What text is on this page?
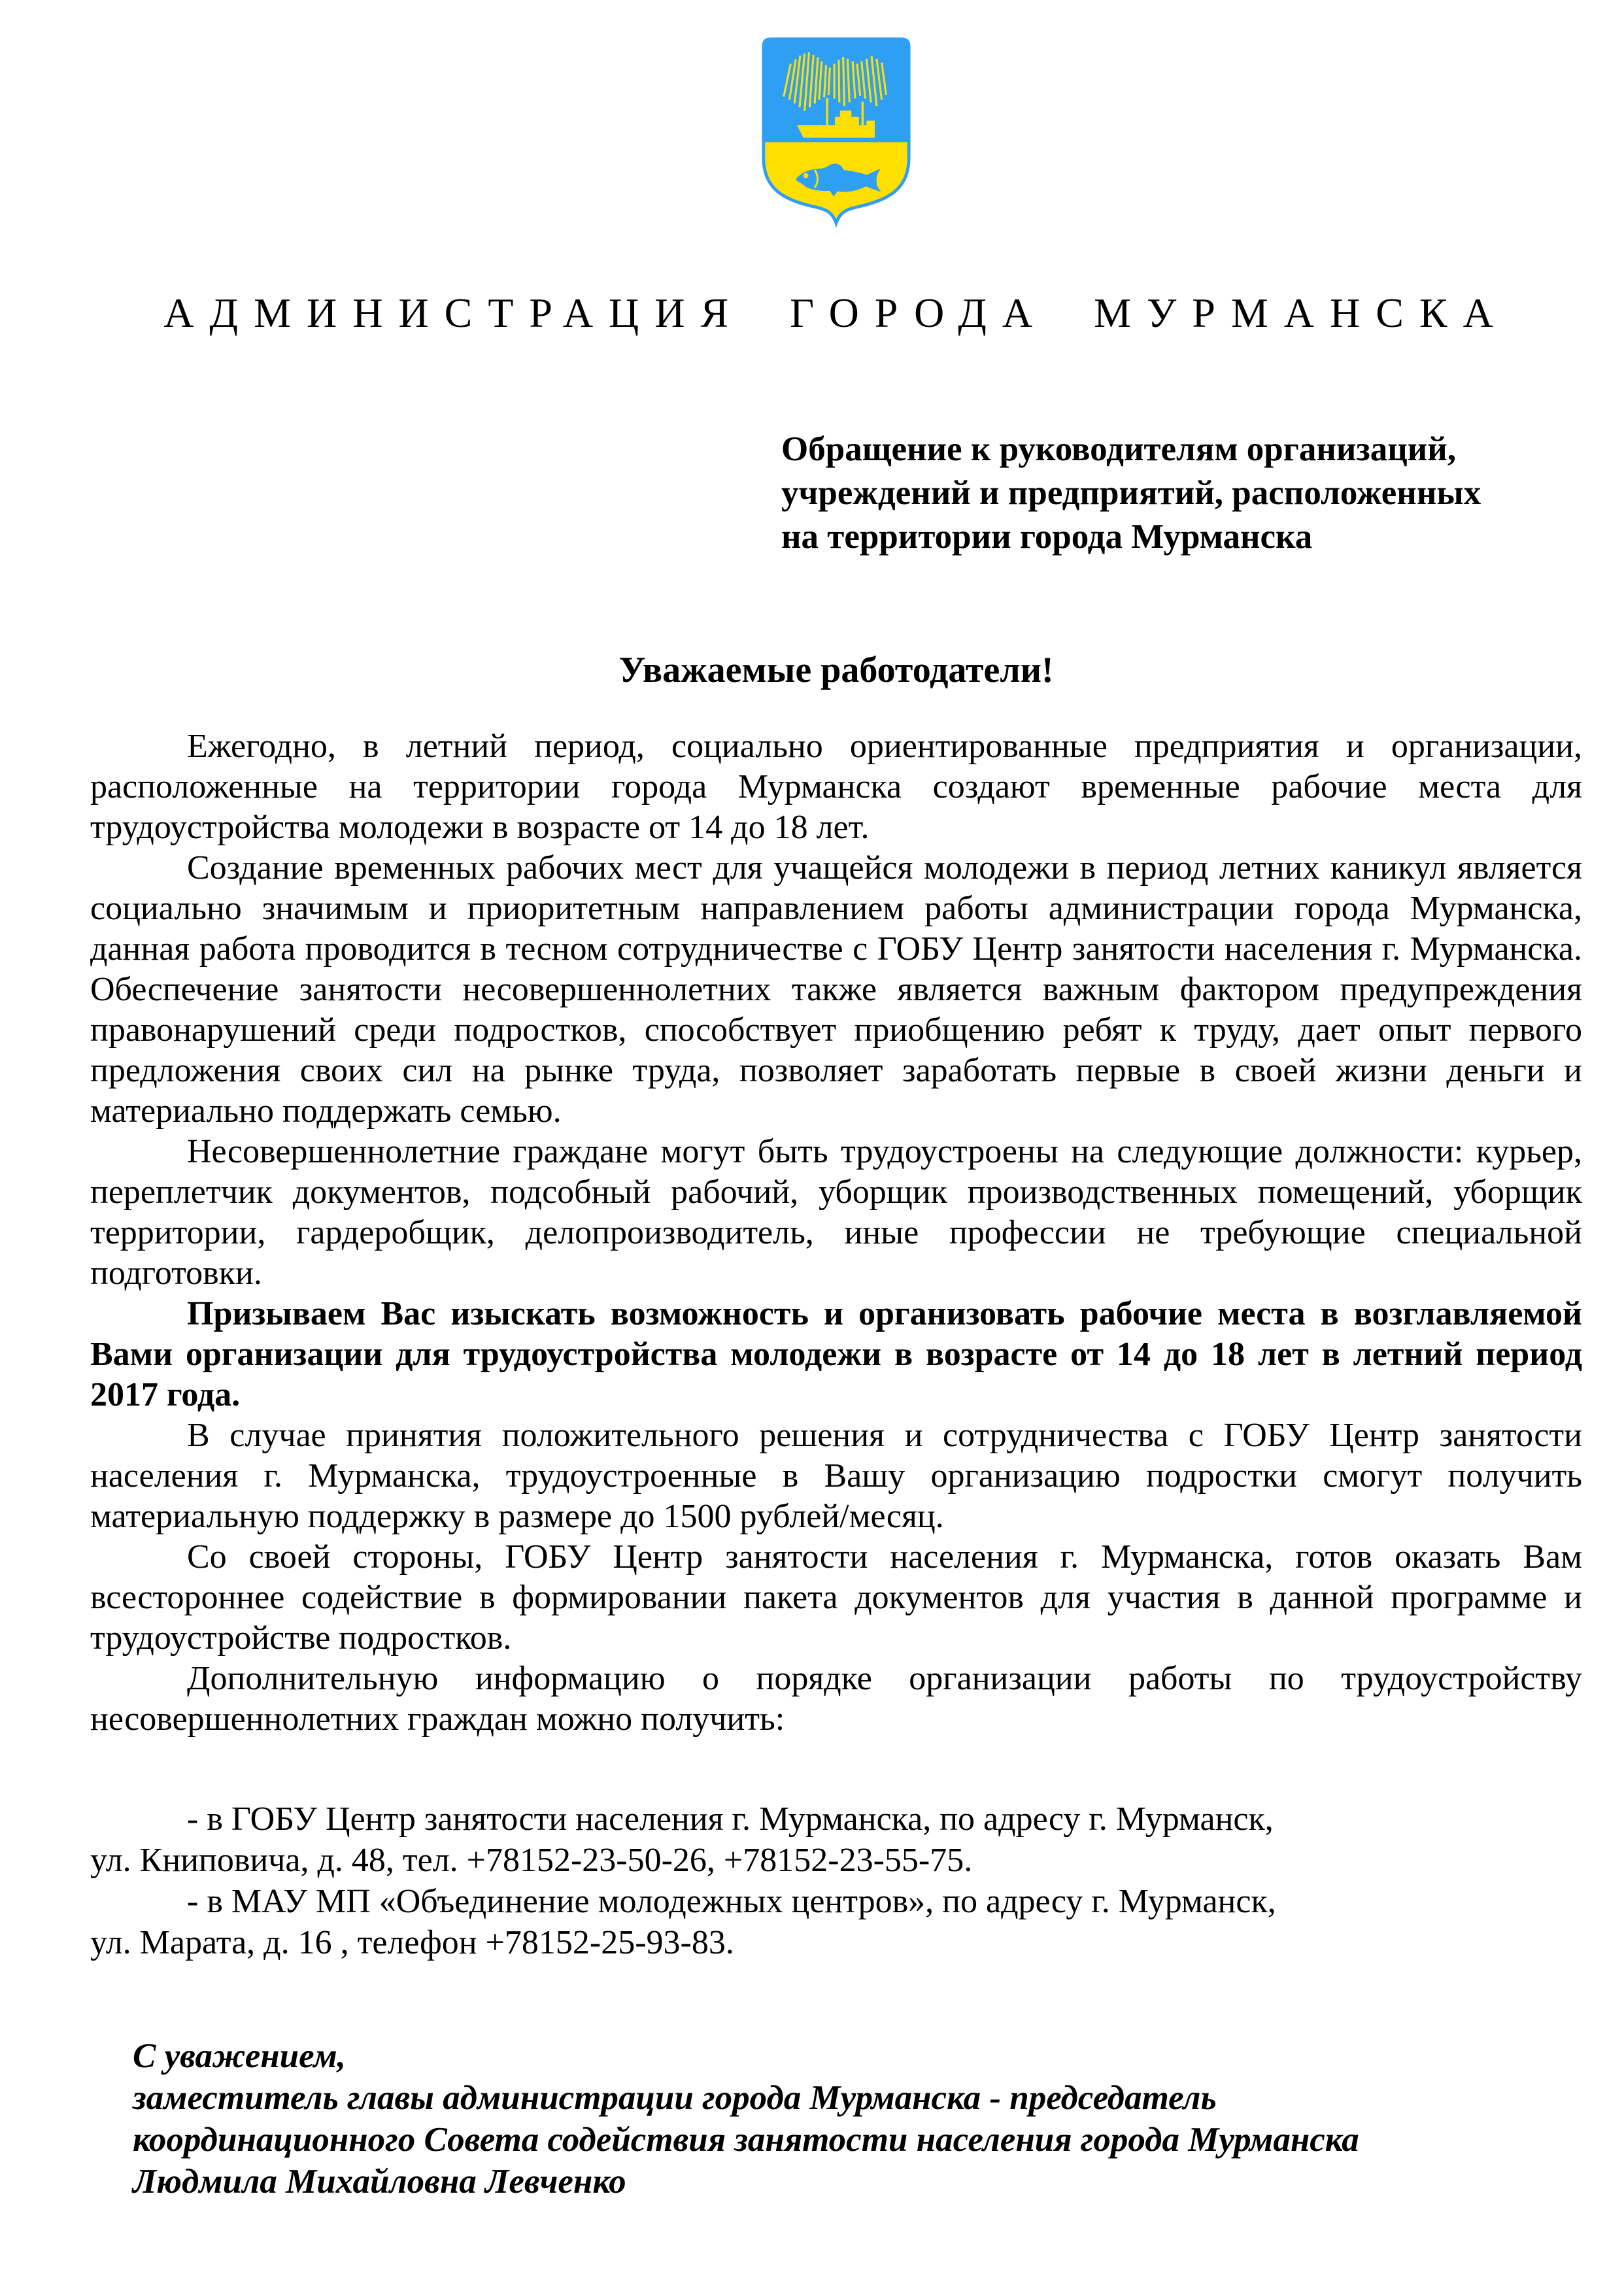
АДМИНИСТРАЦИЯ ГОРОДА МУРМАНСКА
Обращение к руководителям организаций,
учреждений и предприятий, расположенных
на территории города Мурманска
Уважаемые работодатели!

Ежегодно, в летний период, социально ориентированные предприятия и организации, расположенные на территории города Мурманска создают временные рабочие места для трудоустройства молодежи в возрасте от 14 до 18 лет.

Создание временных рабочих мест для учащейся молодежи в период летних каникул является социально значимым и приоритетным направлением работы администрации города Мурманска, данная работа проводится в тесном сотрудничестве с ГОБУ Центр занятости населения г. Мурманска. Обеспечение занятости несовершеннолетних также является важным фактором предупреждения правонарушений среди подростков, способствует приобщению ребят к труду, дает опыт первого предложения своих сил на рынке труда, позволяет заработать первые в своей жизни деньги и материально поддержать семью.

Несовершеннолетние граждане могут быть трудоустроены на следующие должности: курьер, переплетчик документов, подсобный рабочий, уборщик производственных помещений, уборщик территории, гардеробщик, делопроизводитель, иные профессии не требующие специальной подготовки.

Призываем Вас изыскать возможность и организовать рабочие места в возглавляемой Вами организации для трудоустройства молодежи в возрасте от 14 до 18 лет в летний период 2017 года.

В случае принятия положительного решения и сотрудничества с ГОБУ Центр занятости населения г. Мурманска, трудоустроенные в Вашу организацию подростки смогут получить материальную поддержку в размере до 1500 рублей/месяц.

Со своей стороны, ГОБУ Центр занятости населения г. Мурманска, готов оказать Вам всестороннее содействие в формировании пакета документов для участия в данной программе и трудоустройстве подростков.

Дополнительную информацию о порядке организации работы по трудоустройству несовершеннолетних граждан можно получить:

- в ГОБУ Центр занятости населения г. Мурманска, по адресу г. Мурманск,
ул. Книповича, д. 48, тел. +78152-23-50-26, +78152-23-55-75.
- в МАУ МП «Объединение молодежных центров», по адресу г. Мурманск,
ул. Марата, д. 16 , телефон +78152-25-93-83.
С уважением,
заместитель главы администрации города Мурманска - председатель
координационного Совета содействия занятости населения города Мурманска
Людмила Михайловна Левченко
